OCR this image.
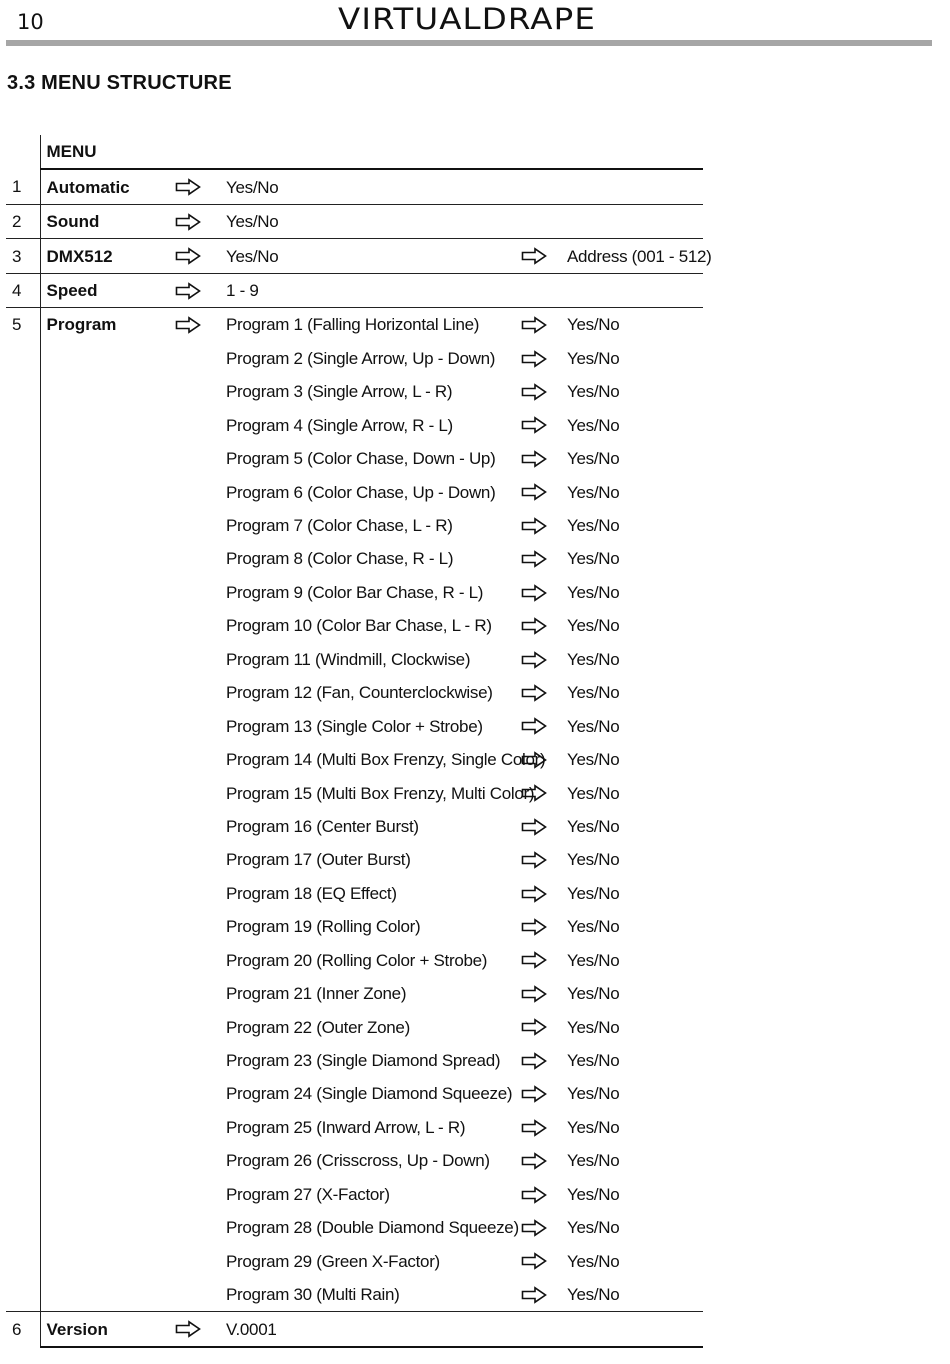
10	VIRTUALDRAPE
3.3 MENU STRUCTURE
	MENU				
1	Automatic		Yes/No		
2	Sound		Yes/No		
3	DMX512		Yes/No		Address (001 - 512)
4	Speed		1 - 9		
5	Program		Program 1 (Falling Horizontal Line)		Yes/No
			Program 2 (Single Arrow, Up - Down)		Yes/No
			Program 3 (Single Arrow, L - R)		Yes/No
			Program 4 (Single Arrow, R - L)		Yes/No
			Program 5 (Color Chase, Down - Up)		Yes/No
			Program 6 (Color Chase, Up - Down)		Yes/No
			Program 7 (Color Chase, L - R)		Yes/No
			Program 8 (Color Chase, R - L)		Yes/No
			Program 9 (Color Bar Chase, R - L)		Yes/No
			Program 10 (Color Bar Chase, L - R)		Yes/No
			Program 11 (Windmill, Clockwise)		Yes/No
			Program 12 (Fan, Counterclockwise)		Yes/No
			Program 13 (Single Color + Strobe)		Yes/No
			Program 14 (Multi Box Frenzy, Single Color)		Yes/No
			Program 15 (Multi Box Frenzy, Multi Color)		Yes/No
			Program 16 (Center Burst)		Yes/No
			Program 17 (Outer Burst)		Yes/No
			Program 18 (EQ Effect)		Yes/No
			Program 19 (Rolling Color)		Yes/No
			Program 20 (Rolling Color + Strobe)		Yes/No
			Program 21 (Inner Zone)		Yes/No
			Program 22 (Outer Zone)		Yes/No
			Program 23 (Single Diamond Spread)		Yes/No
			Program 24 (Single Diamond Squeeze)		Yes/No
			Program 25 (Inward Arrow, L - R)		Yes/No
			Program 26 (Crisscross, Up - Down)		Yes/No
			Program 27 (X-Factor)		Yes/No
			Program 28 (Double Diamond Squeeze)		Yes/No
			Program 29 (Green X-Factor)		Yes/No
			Program 30 (Multi Rain)		Yes/No
6	Version		V.0001		
